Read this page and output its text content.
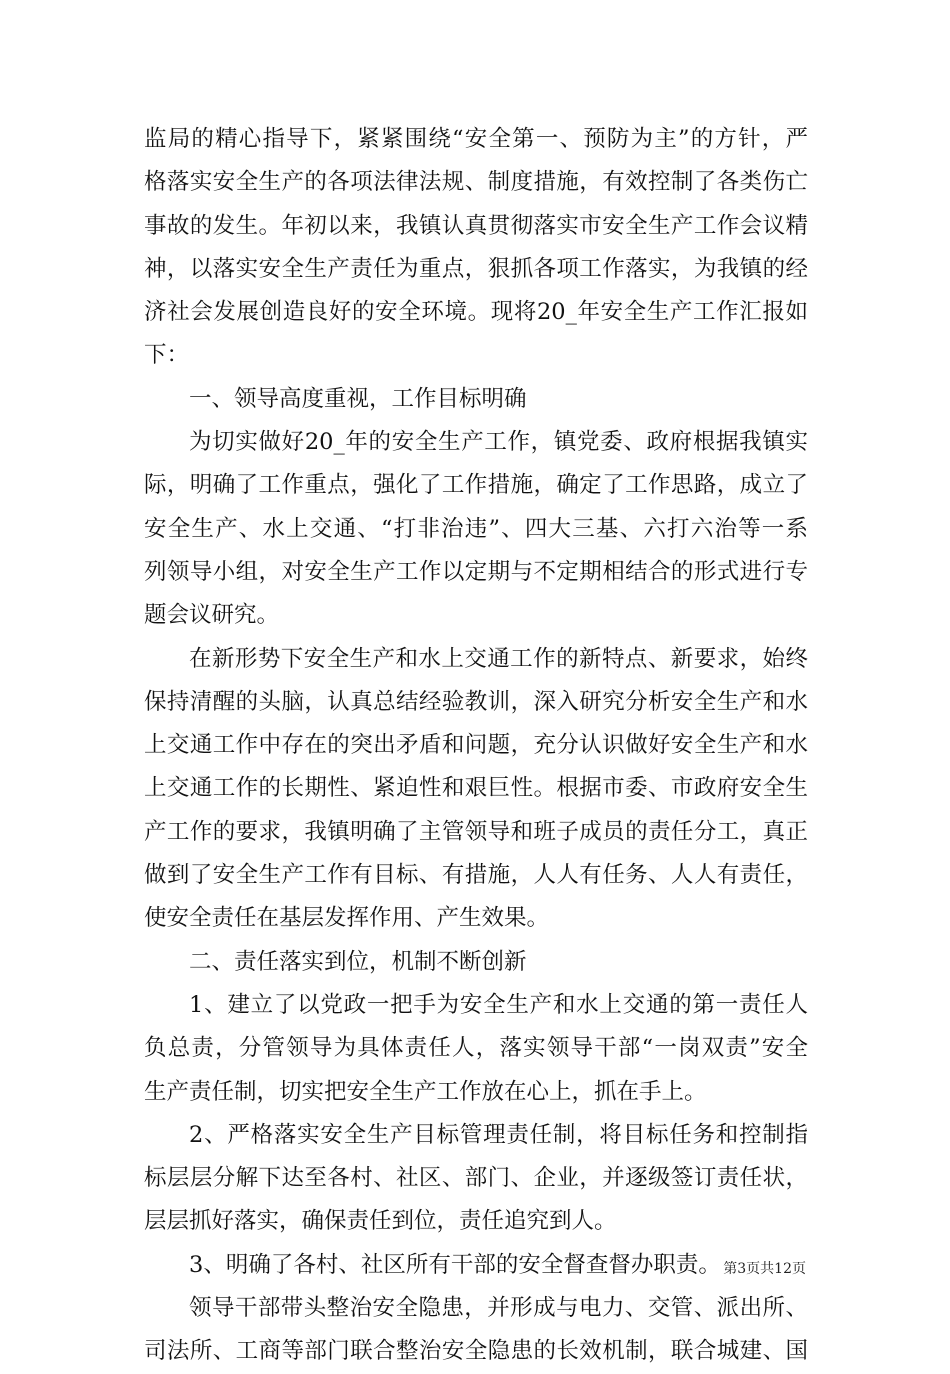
监局的精心指导下，紧紧围绕“安全第一、预防为主”的方针，严
格落实安全生产的各项法律法规、制度措施，有效控制了各类伤亡
事故的发生。年初以来，我镇认真贯彻落实市安全生产工作会议精
神，以落实安全生产责任为重点，狠抓各项工作落实，为我镇的经
济社会发展创造良好的安全环境。现将20_年安全生产工作汇报如
下：
一、领导高度重视，工作目标明确
为切实做好20_年的安全生产工作，镇党委、政府根据我镇实
际，明确了工作重点，强化了工作措施，确定了工作思路，成立了
安全生产、水上交通、“打非治违”、四大三基、六打六治等一系
列领导小组，对安全生产工作以定期与不定期相结合的形式进行专
题会议研究。
在新形势下安全生产和水上交通工作的新特点、新要求，始终
保持清醒的头脑，认真总结经验教训，深入研究分析安全生产和水
上交通工作中存在的突出矛盾和问题，充分认识做好安全生产和水
上交通工作的长期性、紧迫性和艰巨性。根据市委、市政府安全生
产工作的要求，我镇明确了主管领导和班子成员的责任分工，真正
做到了安全生产工作有目标、有措施，人人有任务、人人有责任，
使安全责任在基层发挥作用、产生效果。
二、责任落实到位，机制不断创新
1、建立了以党政一把手为安全生产和水上交通的第一责任人
负总责，分管领导为具体责任人，落实领导干部“一岗双责”安全
生产责任制，切实把安全生产工作放在心上，抓在手上。
2、严格落实安全生产目标管理责任制，将目标任务和控制指
标层层分解下达至各村、社区、部门、企业，并逐级签订责任状，
层层抓好落实，确保责任到位，责任追究到人。
3、明确了各村、社区所有干部的安全督查督办职责。
领导干部带头整治安全隐患，并形成与电力、交管、派出所、
司法所、工商等部门联合整治安全隐患的长效机制，联合城建、国
第3页共12页
